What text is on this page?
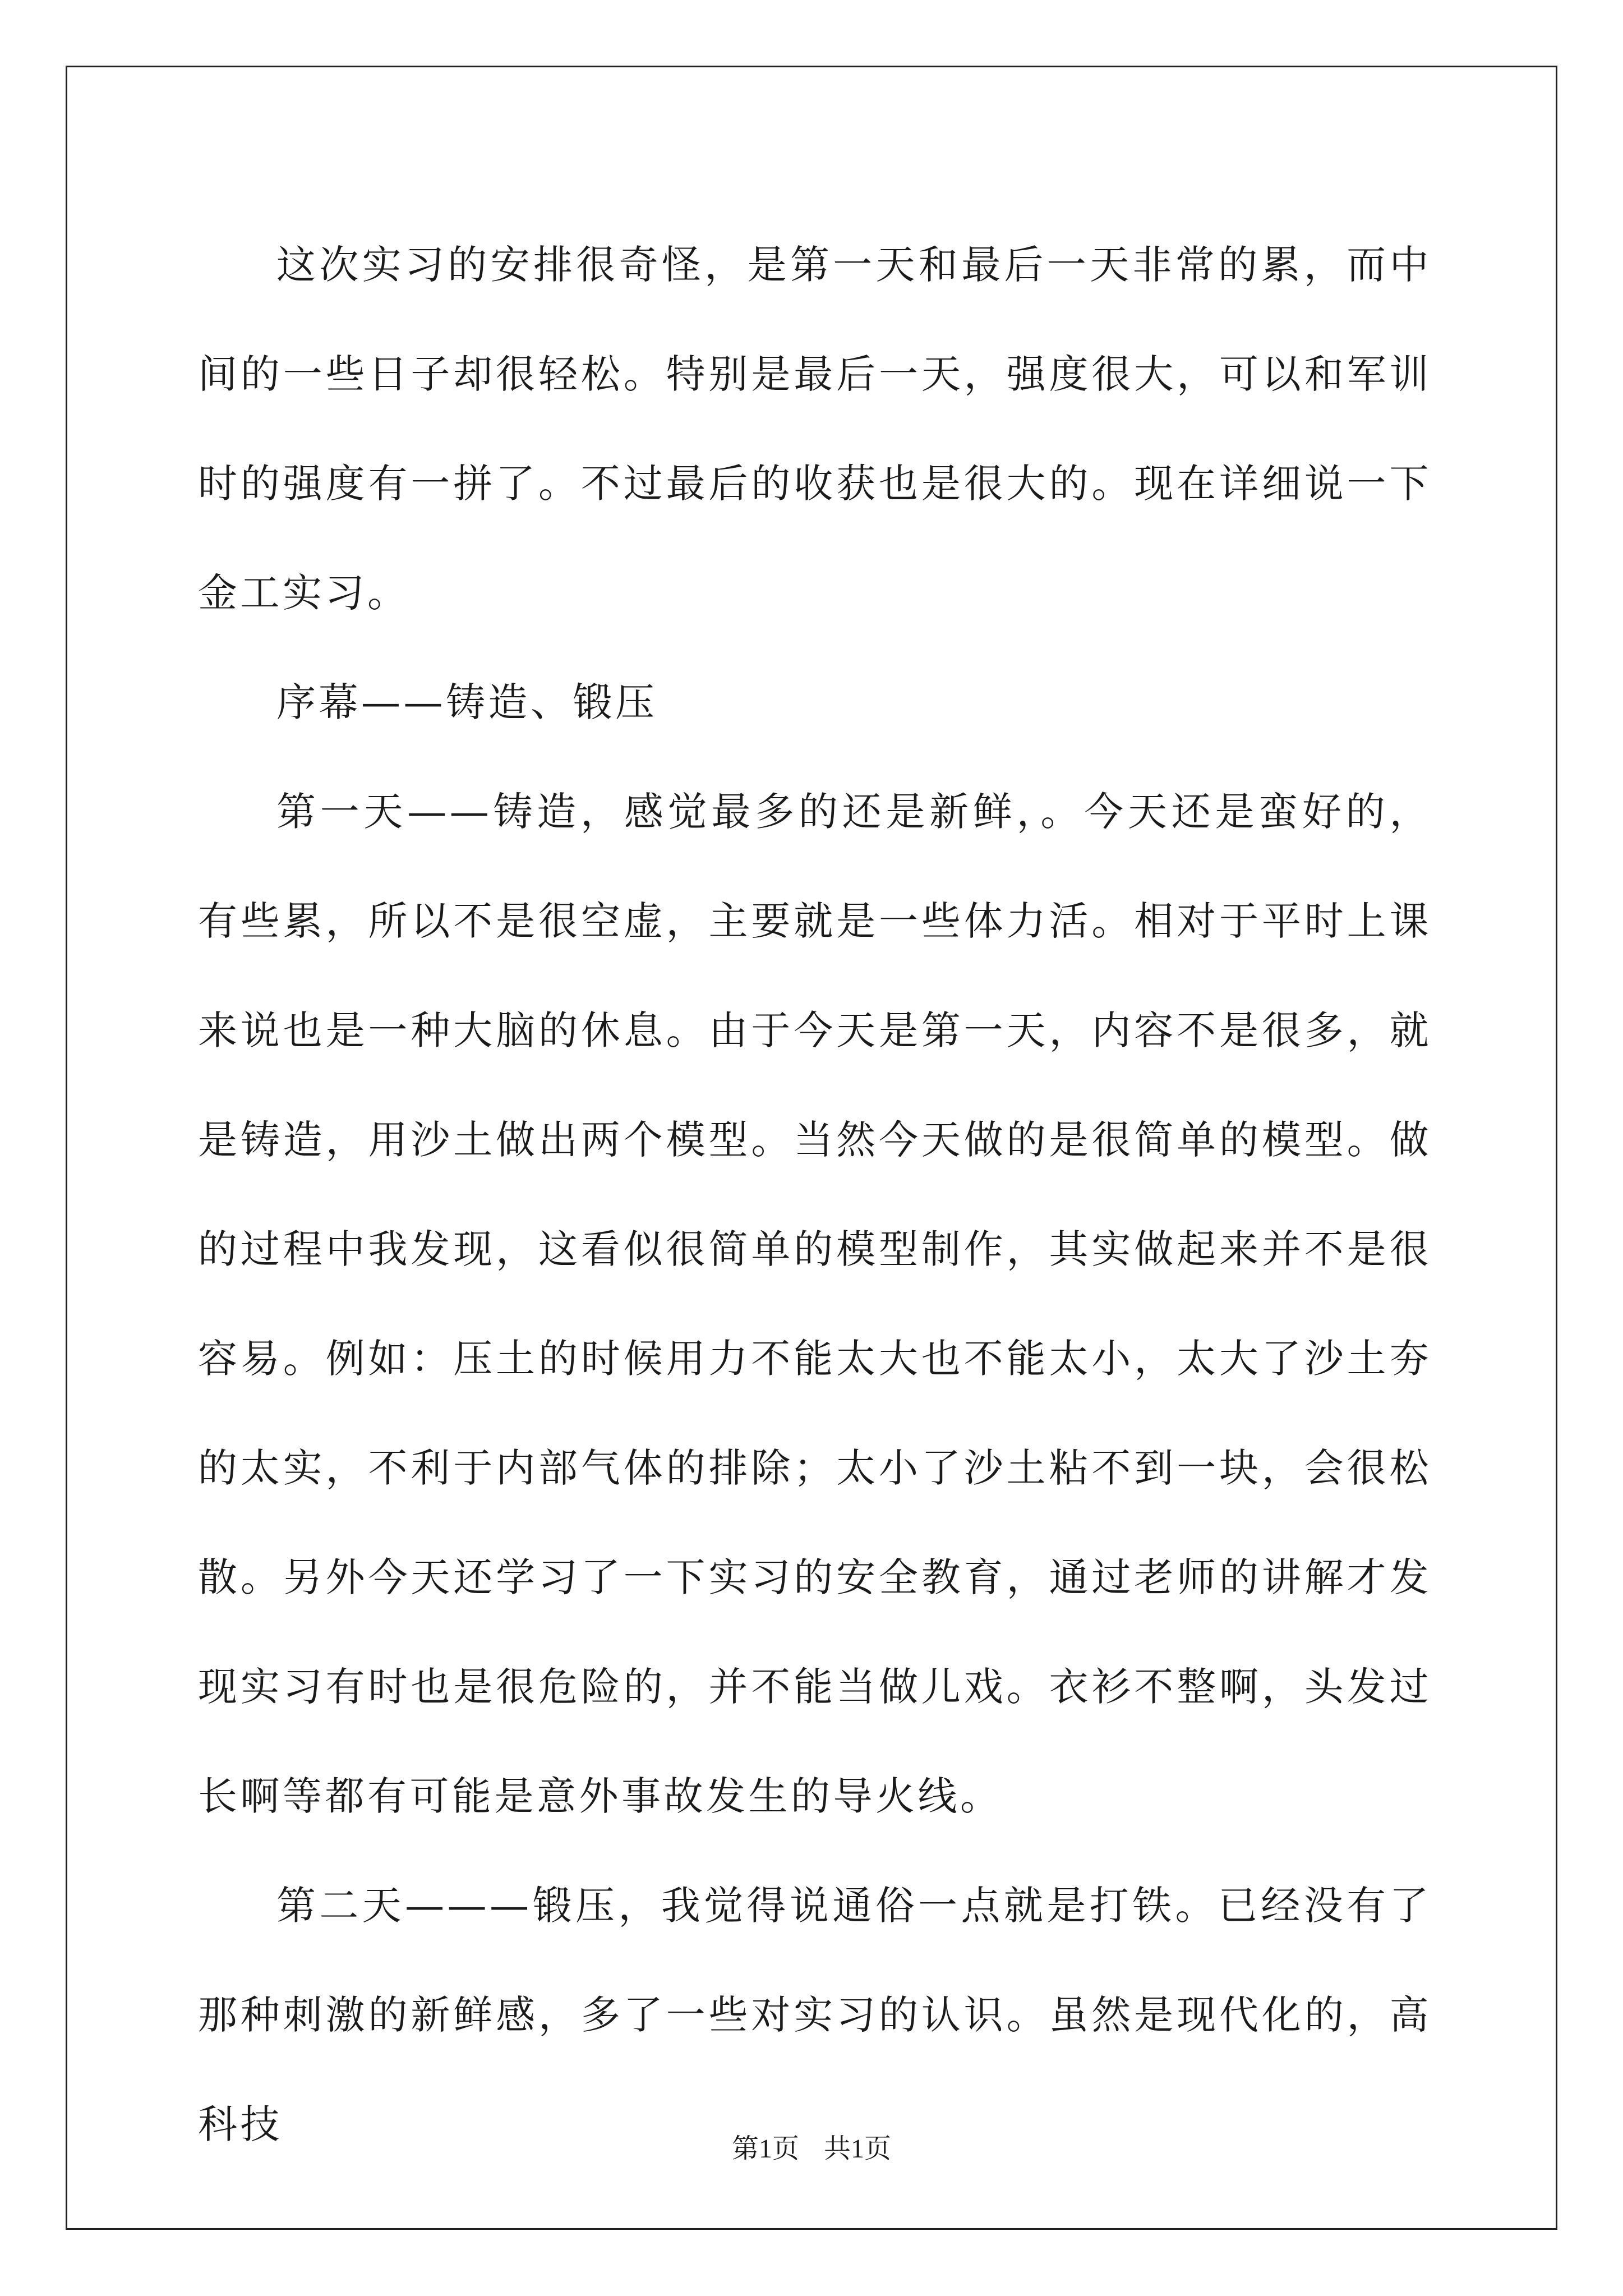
这次实习的安排很奇怪，是第一天和最后一天非常的累，而中间的一些日子却很轻松。特别是最后一天，强度很大，可以和军训时的强度有一拼了。不过最后的收获也是很大的。现在详细说一下金工实习。

序幕——铸造、锻压

第一天——铸造，感觉最多的还是新鲜，。今天还是蛮好的，有些累，所以不是很空虚，主要就是一些体力活。相对于平时上课来说也是一种大脑的休息。由于今天是第一天，内容不是很多，就是铸造，用沙土做出两个模型。当然今天做的是很简单的模型。做的过程中我发现，这看似很简单的模型制作，其实做起来并不是很容易。例如：压土的时候用力不能太大也不能太小，太大了沙土夯的太实，不利于内部气体的排除；太小了沙土粘不到一块，会很松散。另外今天还学习了一下实习的安全教育，通过老师的讲解才发现实习有时也是很危险的，并不能当做儿戏。衣衫不整啊，头发过长啊等都有可能是意外事故发生的导火线。

第二天———锻压，我觉得说通俗一点就是打铁。已经没有了那种刺激的新鲜感，多了一些对实习的认识。虽然是现代化的，高科技

第1页 共1页
